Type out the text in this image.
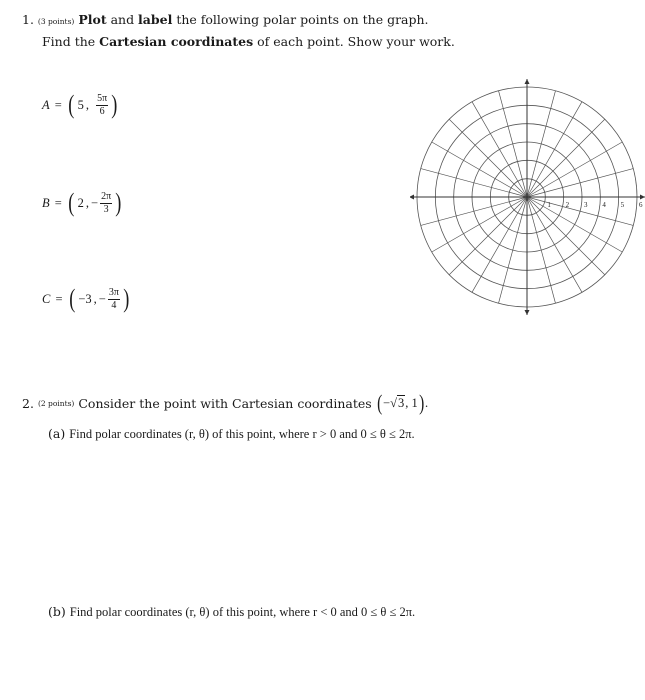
1. (3 points) Plot and label the following polar points on the graph.
Find the Cartesian coordinates of each point. Show your work.
A = ( 5 , $\frac{5\pi}{6}$ )
B = ( 2 , − $\frac{2\pi}{3}$ )
C = ( −3 , − $\frac{3\pi}{4}$ )
1 2 3 4 5 6
2. (2 points) Consider the point with Cartesian coordinates ( − √3 , 1 ) .
(a) Find polar coordinates (r, θ) of this point, where r > 0 and 0 ≤ θ ≤ 2π.
(b) Find polar coordinates (r, θ) of this point, where r < 0 and 0 ≤ θ ≤ 2π.
